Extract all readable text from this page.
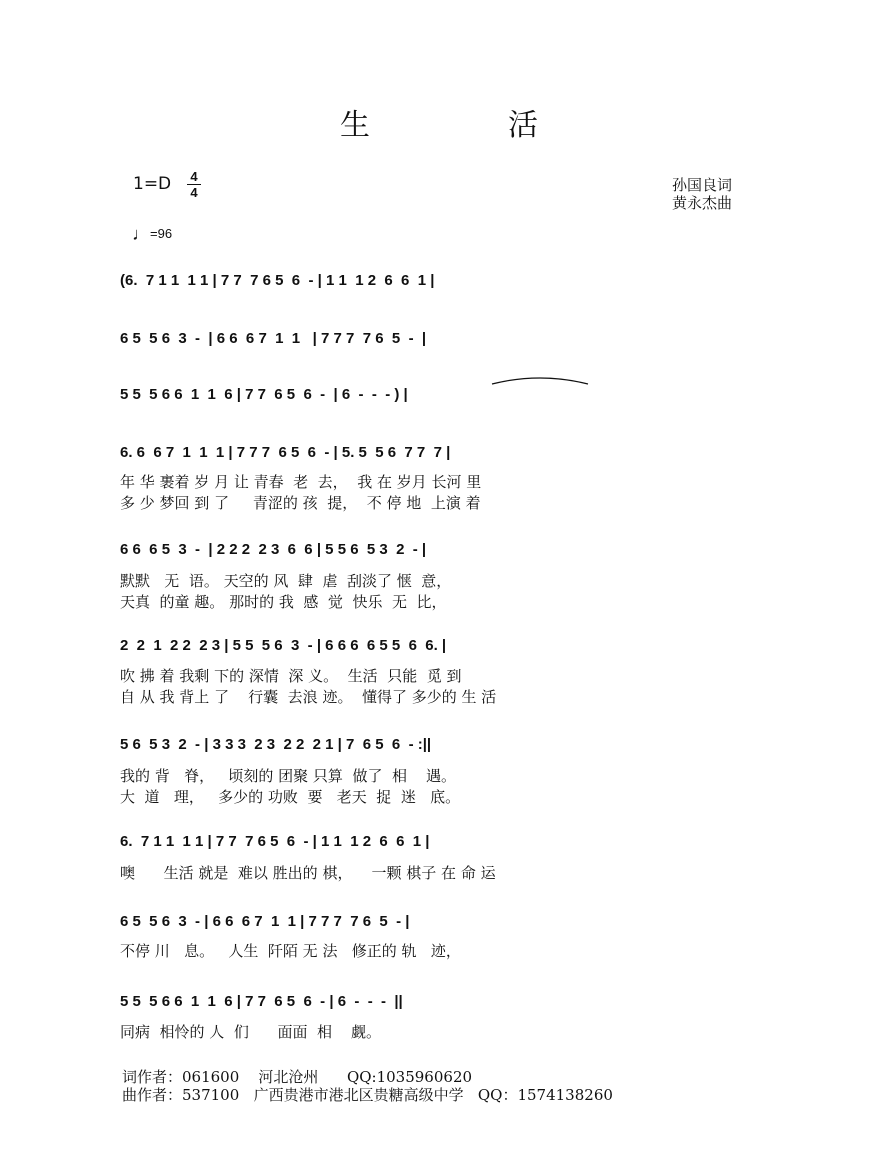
生	活
1=D 4
4	孙国良词
黄永杰曲
♩=96
(6.  7 1 1  1 1 | 7 7  7 6 5  6  - | 1 1  1 2  6  6  1 |
6 5  5 6  3  -  | 6 6  6 7  1  1   | 7 7 7  7 6  5  -  |
5 5  5 6 6  1  1  6 | 7 7  6 5  6  -  | 6  -  -  - ) |
6. 6  6 7  1  1  1 | 7 7 7  6 5  6  - | 5. 5  5 6  7 7  7 |
年 华 裹着 岁 月 让 青春  老  去，  我 在 岁月 长河 里
多 少 梦回 到 了     青涩的 孩  提，  不 停 地  上演 着
6 6  6 5  3  -  | 2 2 2  2 3  6  6 | 5 5 6  5 3  2  - |
默默   无  语。 天空的 风  肆  虐  刮淡了 惬  意，
天真  的童 趣。 那时的 我  感  觉  快乐  无  比，
2  2  1  2 2  2 3 | 5 5  5 6  3  - | 6 6 6  6 5 5  6  6. |
吹 拂 着 我剩 下的 深情  深 义。  生活  只能  觅 到
自 从 我 背上 了    行囊  去浪 迹。  懂得了 多少的 生 活
5 6  5 3  2  - | 3 3 3  2 3  2 2  2 1 | 7  6 5  6  - :||
我的 背   脊，   顷刻的 团聚 只算  做了  相    遇。
大  道   理，   多少的 功败  要   老天  捉  迷   底。
6.  7 1 1  1 1 | 7 7  7 6 5  6  - | 1 1  1 2  6  6  1 |
噢      生活 就是  难以 胜出的 棋，    一颗 棋子 在 命 运
6 5  5 6  3  - | 6 6  6 7  1  1 | 7 7 7  7 6  5  - |
不停 川   息。   人生  阡陌 无 法   修正的 轨   迹，
5 5  5 6 6  1  1  6 | 7 7  6 5  6  - | 6  -  -  -  ||
同病  相怜的 人  们      面面  相    觑。
词作者：061600    河北沧州      QQ:1035960620
曲作者：537100   广西贵港市港北区贵糖高级中学   QQ：1574138260
